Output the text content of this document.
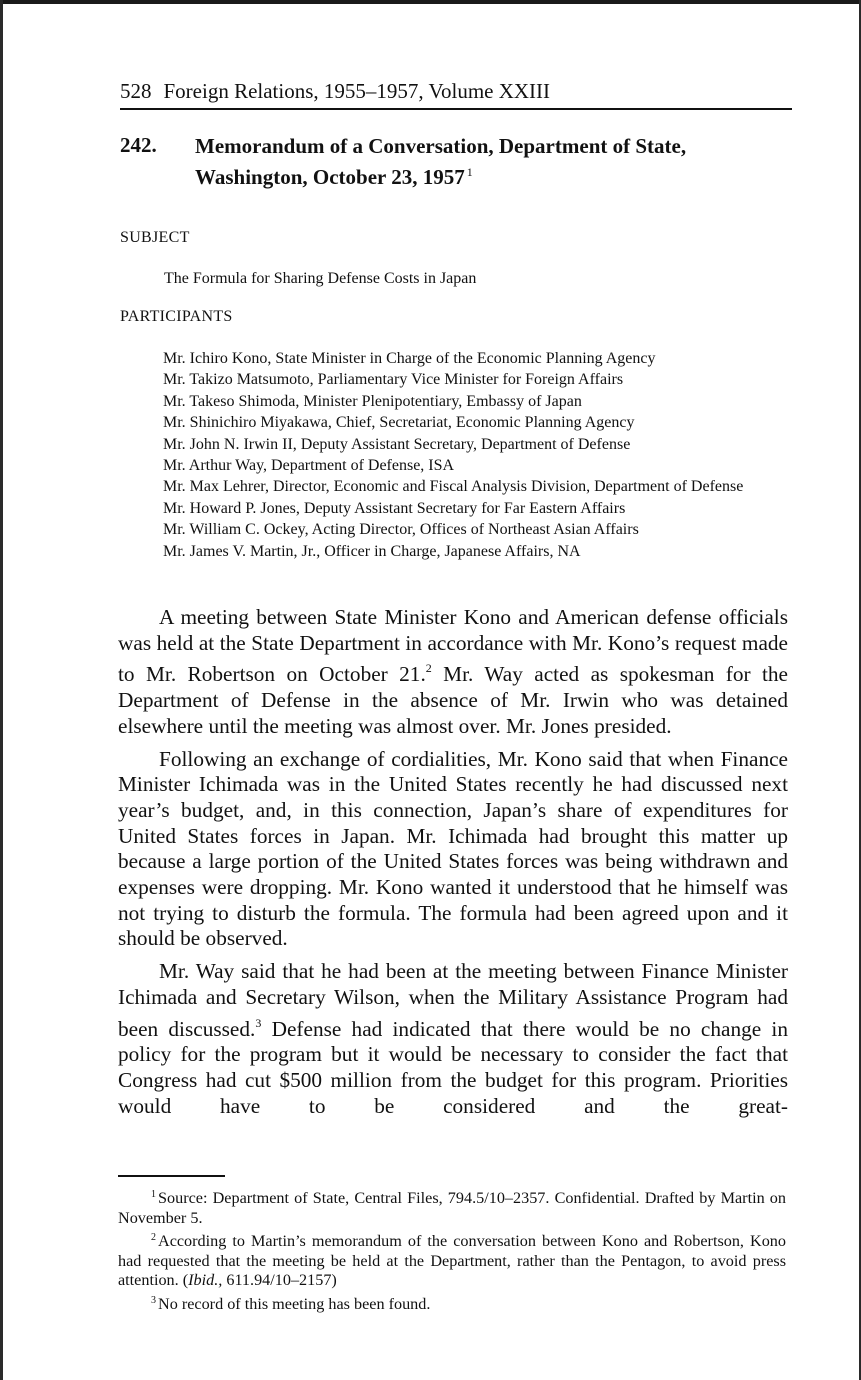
528 Foreign Relations, 1955–1957, Volume XXIII
242. Memorandum of a Conversation, Department of State, Washington, October 23, 1957 $^1$
SUBJECT
The Formula for Sharing Defense Costs in Japan
PARTICIPANTS
Mr. Ichiro Kono, State Minister in Charge of the Economic Planning Agency
Mr. Takizo Matsumoto, Parliamentary Vice Minister for Foreign Affairs
Mr. Takeso Shimoda, Minister Plenipotentiary, Embassy of Japan
Mr. Shinichiro Miyakawa, Chief, Secretariat, Economic Planning Agency
Mr. John N. Irwin II, Deputy Assistant Secretary, Department of Defense
Mr. Arthur Way, Department of Defense, ISA
Mr. Max Lehrer, Director, Economic and Fiscal Analysis Division, Department of Defense
Mr. Howard P. Jones, Deputy Assistant Secretary for Far Eastern Affairs
Mr. William C. Ockey, Acting Director, Offices of Northeast Asian Affairs
Mr. James V. Martin, Jr., Officer in Charge, Japanese Affairs, NA

A meeting between State Minister Kono and American defense officials was held at the State Department in accordance with Mr. Kono’s request made to Mr. Robertson on October 21.$^2$ Mr. Way acted as spokesman for the Department of Defense in the absence of Mr. Irwin who was detained elsewhere until the meeting was almost over. Mr. Jones presided.

Following an exchange of cordialities, Mr. Kono said that when Finance Minister Ichimada was in the United States recently he had discussed next year’s budget, and, in this connection, Japan’s share of expenditures for United States forces in Japan. Mr. Ichimada had brought this matter up because a large portion of the United States forces was being withdrawn and expenses were dropping. Mr. Kono wanted it understood that he himself was not trying to disturb the formula. The formula had been agreed upon and it should be observed.

Mr. Way said that he had been at the meeting between Finance Minister Ichimada and Secretary Wilson, when the Military Assistance Program had been discussed.$^3$ Defense had indicated that there would be no change in policy for the program but it would be necessary to consider the fact that Congress had cut $500 million from the budget for this program. Priorities would have to be considered and the great-

$^1$ Source: Department of State, Central Files, 794.5/10–2357. Confidential. Drafted by Martin on November 5.

$^2$ According to Martin’s memorandum of the conversation between Kono and Robertson, Kono had requested that the meeting be held at the Department, rather than the Pentagon, to avoid press attention. (Ibid., 611.94/10–2157)

$^3$ No record of this meeting has been found.
